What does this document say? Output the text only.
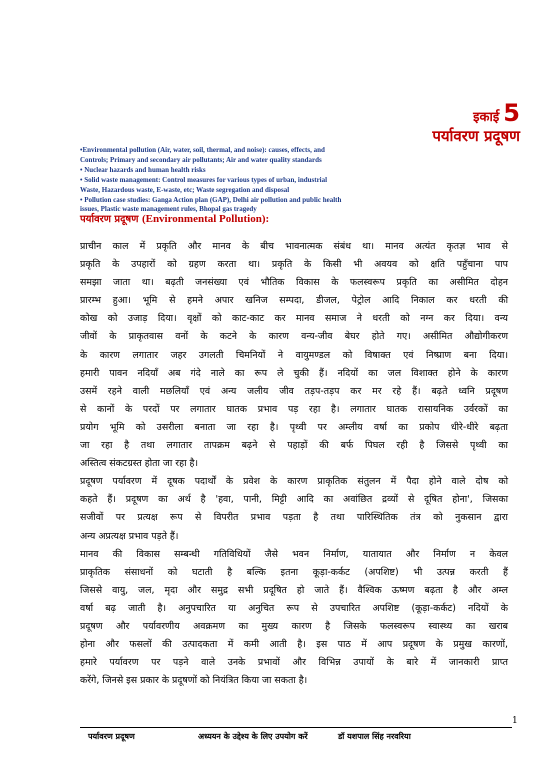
इकाई 5
पर्यावरण प्रदूषण
•Environmental pollution (Air, water, soil, thermal, and noise): causes, effects, and
Controls; Primary and secondary air pollutants; Air and water quality standards
• Nuclear hazards and human health risks
• Solid waste management: Control measures for various types of urban, industrial
Waste, Hazardous waste, E-waste, etc; Waste segregation and disposal
• Pollution case studies: Ganga Action plan (GAP), Delhi air pollution and public health
issues, Plastic waste management rules, Bhopal gas tragedy
पर्यावरण प्रदूषण (Environmental Pollution):
प्राचीन काल में प्रकृति और मानव के बीच भावनात्मक संबंध था। मानव अत्यंत कृतज्ञ भाव से
प्रकृति के उपहारों को ग्रहण करता था। प्रकृति के किसी भी अवयव को क्षति पहुँचाना पाप
समझा जाता था। बढ़ती जनसंख्या एवं भौतिक विकास के फलस्वरूप प्रकृति का असीमित दोहन
प्रारम्भ हुआ। भूमि से हमने अपार खनिज सम्पदा, डीजल, पेट्रोल आदि निकाल कर धरती की
कोख को उजाड़ दिया। वृक्षों को काट-काट कर मानव समाज ने धरती को नग्न कर दिया। वन्य
जीवों के प्राकृतवास वनों के कटने के कारण वन्य-जीव बेघर होते गए। असीमित औद्योगीकरण
के कारण लगातार जहर उगलती चिमनियों ने वायुमण्डल को विषाक्त एवं निष्प्राण बना दिया।
हमारी पावन नदियाँ अब गंदे नाले का रूप ले चुकी हैं। नदियों का जल विशाक्त होने के कारण
उसमें रहने वाली मछलियाँ एवं अन्य जलीय जीव तड़प-तड़प कर मर रहे हैं। बढ़ते ध्वनि प्रदूषण
से कानों के परदों पर लगातार घातक प्रभाव पड़ रहा है। लगातार घातक रासायनिक उर्वरकों का
प्रयोग भूमि को उसरीला बनाता जा रहा है। पृथ्वी पर अम्लीय वर्षा का प्रकोप धीरे-धीरे बढ़ता
जा रहा है तथा लगातार तापक्रम बढ़ने से पहाड़ों की बर्फ पिघल रही है जिससे पृथ्वी का
अस्तित्व संकटग्रस्त होता जा रहा है।
प्रदूषण पर्यावरण में दूषक पदार्थों के प्रवेश के कारण प्राकृतिक संतुलन में पैदा होने वाले दोष को
कहते हैं। प्रदूषण का अर्थ है 'हवा, पानी, मिट्टी आदि का अवांछित द्रव्यों से दूषित होना', जिसका
सजीवों पर प्रत्यक्ष रूप से विपरीत प्रभाव पड़ता है तथा पारिस्थितिक तंत्र को नुकसान द्वारा
अन्य अप्रत्यक्ष प्रभाव पड़ते हैं।
मानव की विकास सम्बन्धी गतिविधियों जैसे भवन निर्माण, यातायात और निर्माण न केवल
प्राकृतिक संसाधनों को घटाती है बल्कि इतना कूड़ा-कर्कट (अपशिष्ट) भी उत्पन्न करती हैं
जिससे वायु, जल, मृदा और समुद्र सभी प्रदूषित हो जाते हैं। वैश्विक ऊष्मण बढ़ता है और अम्ल
वर्षा बढ़ जाती है। अनुपचारित या अनुचित रूप से उपचारित अपशिष्ट (कूड़ा-कर्कट) नदियों के
प्रदूषण और पर्यावरणीय अवक्रमण का मुख्य कारण है जिसके फलस्वरूप स्वास्थ्य का खराब
होना और फसलों की उत्पादकता में कमी आती है। इस पाठ में आप प्रदूषण के प्रमुख कारणों,
हमारे पर्यावरण पर पड़ने वाले उनके प्रभावों और विभिन्न उपायों के बारे में जानकारी प्राप्त
करेंगे, जिनसे इस प्रकार के प्रदूषणों को नियंत्रित किया जा सकता है।
1
पर्यावरण प्रदूषण	अध्ययन के उद्देश्य के लिए उपयोग करें	डॉ यशपाल सिंह नरवरिया
